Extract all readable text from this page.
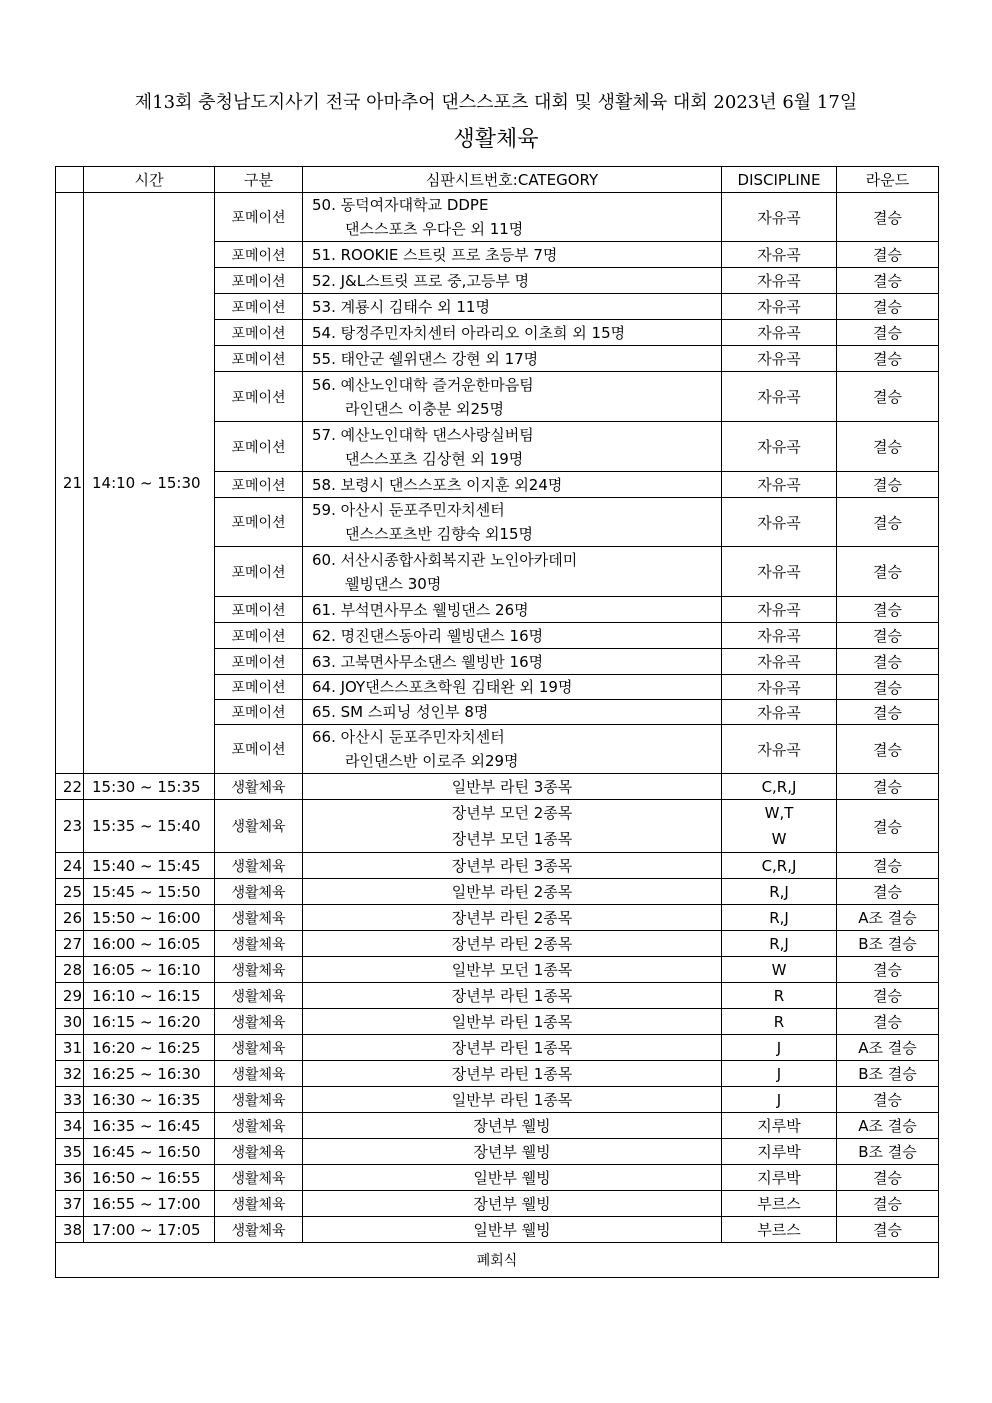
제13회 충청남도지사기 전국 아마추어 댄스스포츠 대회 및 생활체육 대회 2023년 6월 17일
생활체육
	시간	구분	심판시트번호:CATEGORY	DISCIPLINE	라운드
21	14:10 ~ 15:30	포메이션	50. 동덕여자대학교 DDPE
댄스스포츠 우다은 외 11명	자유곡	결승
		포메이션	51. ROOKIE 스트릿 프로 초등부 7명	자유곡	결승
		포메이션	52. J&L스트릿 프로 중,고등부 명	자유곡	결승
		포메이션	53. 계룡시 김태수 외 11명	자유곡	결승
		포메이션	54. 탕정주민자치센터 아라리오 이초희 외 15명	자유곡	결승
		포메이션	55. 태안군 쉘위댄스 강현 외 17명	자유곡	결승
		포메이션	56. 예산노인대학 즐거운한마음팀
라인댄스 이충분 외25명	자유곡	결승
		포메이션	57. 예산노인대학 댄스사랑실버팀
댄스스포츠 김상현 외 19명	자유곡	결승
		포메이션	58. 보령시 댄스스포츠 이지훈 외24명	자유곡	결승
		포메이션	59. 아산시 둔포주민자치센터
댄스스포츠반 김향숙 외15명	자유곡	결승
		포메이션	60. 서산시종합사회복지관 노인아카데미
웰빙댄스 30명	자유곡	결승
		포메이션	61. 부석면사무소 웰빙댄스 26명	자유곡	결승
		포메이션	62. 명진댄스동아리 웰빙댄스 16명	자유곡	결승
		포메이션	63. 고북면사무소댄스 웰빙반 16명	자유곡	결승
		포메이션	64. JOY댄스스포츠학원 김태완 외 19명	자유곡	결승
		포메이션	65. SM 스피닝 성인부 8명	자유곡	결승
		포메이션	66. 아산시 둔포주민자치센터
라인댄스반 이로주 외29명	자유곡	결승
22	15:30 ~ 15:35	생활체육	일반부 라틴 3종목	C,R,J	결승
23	15:35 ~ 15:40	생활체육	장년부 모던 2종목
장년부 모던 1종목	W,T
W	결승
24	15:40 ~ 15:45	생활체육	장년부 라틴 3종목	C,R,J	결승
25	15:45 ~ 15:50	생활체육	일반부 라틴 2종목	R,J	결승
26	15:50 ~ 16:00	생활체육	장년부 라틴 2종목	R,J	A조 결승
27	16:00 ~ 16:05	생활체육	장년부 라틴 2종목	R,J	B조 결승
28	16:05 ~ 16:10	생활체육	일반부 모던 1종목	W	결승
29	16:10 ~ 16:15	생활체육	장년부 라틴 1종목	R	결승
30	16:15 ~ 16:20	생활체육	일반부 라틴 1종목	R	결승
31	16:20 ~ 16:25	생활체육	장년부 라틴 1종목	J	A조 결승
32	16:25 ~ 16:30	생활체육	장년부 라틴 1종목	J	B조 결승
33	16:30 ~ 16:35	생활체육	일반부 라틴 1종목	J	결승
34	16:35 ~ 16:45	생활체육	장년부 웰빙	지루박	A조 결승
35	16:45 ~ 16:50	생활체육	장년부 웰빙	지루박	B조 결승
36	16:50 ~ 16:55	생활체육	일반부 웰빙	지루박	결승
37	16:55 ~ 17:00	생활체육	장년부 웰빙	부르스	결승
38	17:00 ~ 17:05	생활체육	일반부 웰빙	부르스	결승
폐회식					
